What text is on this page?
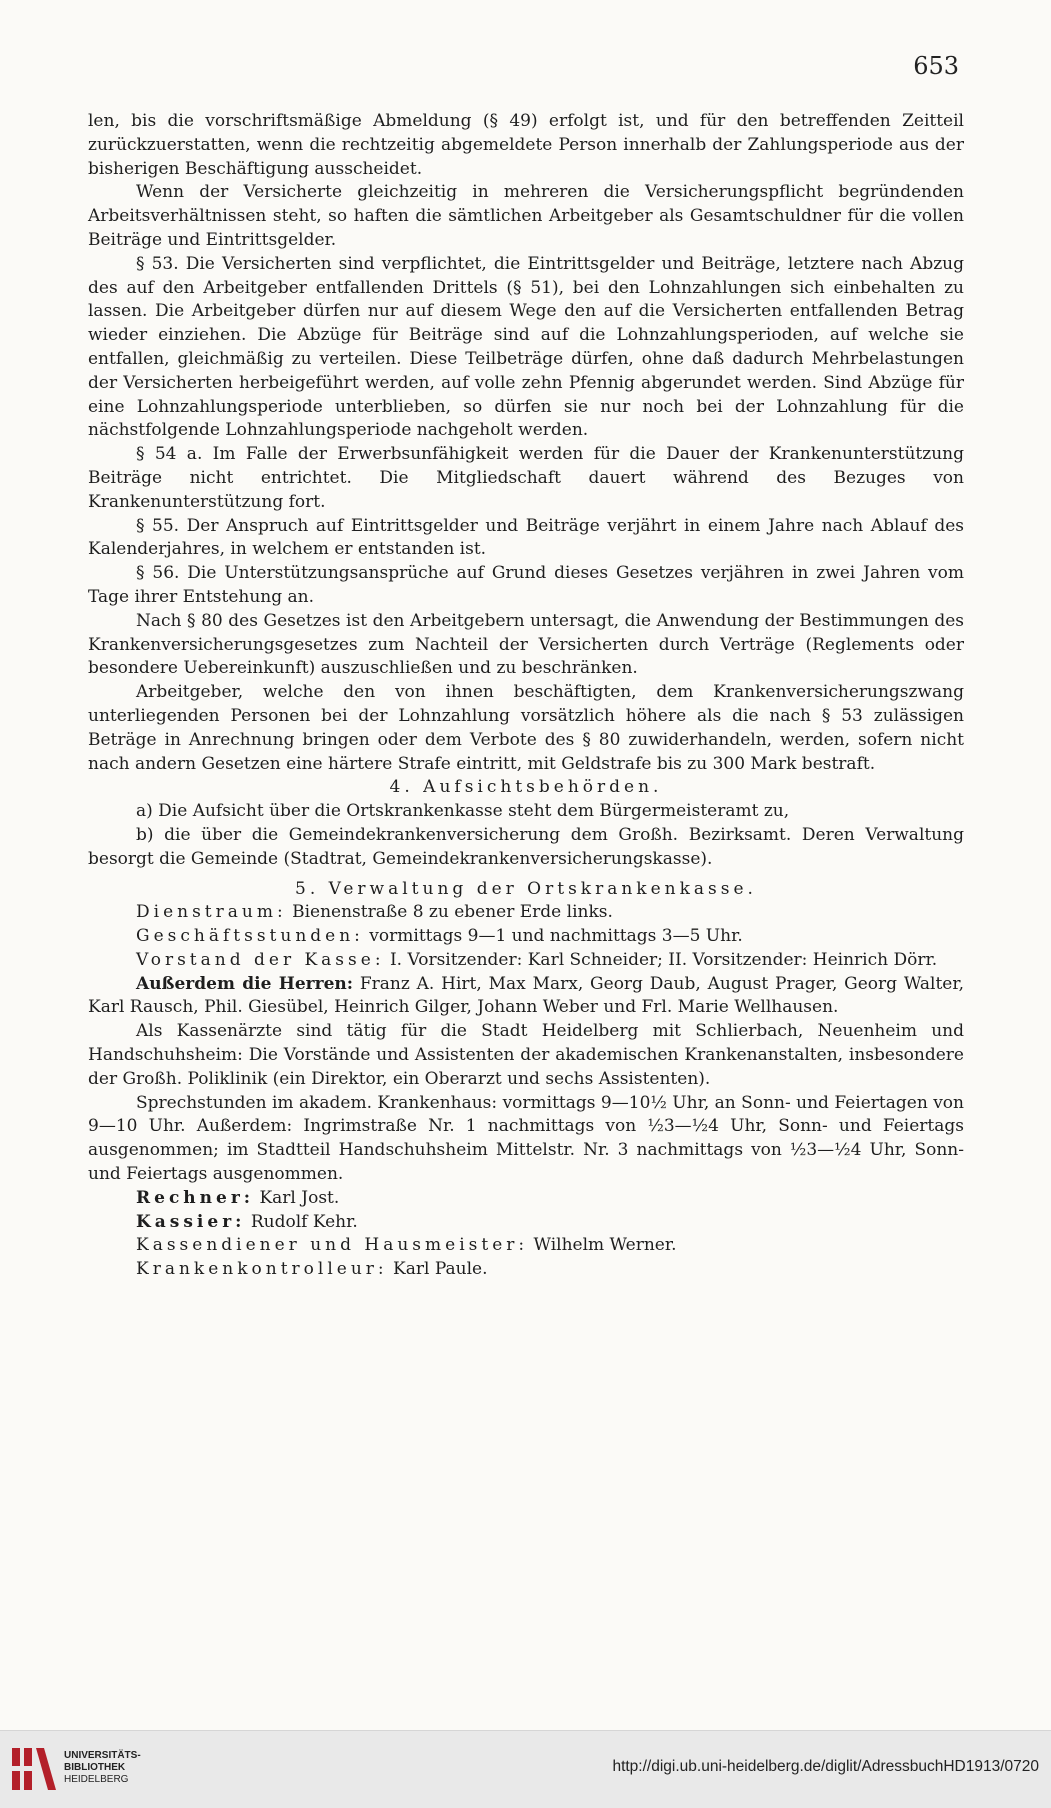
653

len, bis die vorschriftsmäßige Abmeldung (§ 49) erfolgt ist, und für den betreffenden Zeitteil zurückzuerstatten, wenn die rechtzeitig abgemeldete Person innerhalb der Zahlungsperiode aus der bisherigen Beschäftigung ausscheidet.

Wenn der Versicherte gleichzeitig in mehreren die Versicherungspflicht begründenden Arbeitsverhältnissen steht, so haften die sämtlichen Arbeitgeber als Gesamtschuldner für die vollen Beiträge und Eintrittsgelder.

§ 53. Die Versicherten sind verpflichtet, die Eintrittsgelder und Beiträge, letztere nach Abzug des auf den Arbeitgeber entfallenden Drittels (§ 51), bei den Lohnzahlungen sich einbehalten zu lassen. Die Arbeitgeber dürfen nur auf diesem Wege den auf die Versicherten entfallenden Betrag wieder einziehen. Die Abzüge für Beiträge sind auf die Lohnzahlungsperioden, auf welche sie entfallen, gleichmäßig zu verteilen. Diese Teilbeträge dürfen, ohne daß dadurch Mehrbelastungen der Versicherten herbeigeführt werden, auf volle zehn Pfennig abgerundet werden. Sind Abzüge für eine Lohnzahlungsperiode unterblieben, so dürfen sie nur noch bei der Lohnzahlung für die nächstfolgende Lohnzahlungsperiode nachgeholt werden.

§ 54 a. Im Falle der Erwerbsunfähigkeit werden für die Dauer der Krankenunterstützung Beiträge nicht entrichtet. Die Mitgliedschaft dauert während des Bezuges von Krankenunterstützung fort.

§ 55. Der Anspruch auf Eintrittsgelder und Beiträge verjährt in einem Jahre nach Ablauf des Kalenderjahres, in welchem er entstanden ist.

§ 56. Die Unterstützungsansprüche auf Grund dieses Gesetzes verjähren in zwei Jahren vom Tage ihrer Entstehung an.

Nach § 80 des Gesetzes ist den Arbeitgebern untersagt, die Anwendung der Bestimmungen des Krankenversicherungsgesetzes zum Nachteil der Versicherten durch Verträge (Reglements oder besondere Uebereinkunft) auszuschließen und zu beschränken.

Arbeitgeber, welche den von ihnen beschäftigten, dem Krankenversicherungszwang unterliegenden Personen bei der Lohnzahlung vorsätzlich höhere als die nach § 53 zulässigen Beträge in Anrechnung bringen oder dem Verbote des § 80 zuwiderhandeln, werden, sofern nicht nach andern Gesetzen eine härtere Strafe eintritt, mit Geldstrafe bis zu 300 Mark bestraft.

4. Aufsichtsbehörden.

a) Die Aufsicht über die Ortskrankenkasse steht dem Bürgermeisteramt zu,

b) die über die Gemeindekrankenversicherung dem Großh. Bezirksamt. Deren Verwaltung besorgt die Gemeinde (Stadtrat, Gemeindekrankenversicherungskasse).

5. Verwaltung der Ortskrankenkasse.

Dienstraum: Bienenstraße 8 zu ebener Erde links.

Geschäftsstunden: vormittags 9—1 und nachmittags 3—5 Uhr.

Vorstand der Kasse: I. Vorsitzender: Karl Schneider; II. Vorsitzender: Heinrich Dörr.

Außerdem die Herren: Franz A. Hirt, Max Marx, Georg Daub, August Prager, Georg Walter, Karl Rausch, Phil. Giesübel, Heinrich Gilger, Johann Weber und Frl. Marie Wellhausen.

Als Kassenärzte sind tätig für die Stadt Heidelberg mit Schlierbach, Neuenheim und Handschuhsheim: Die Vorstände und Assistenten der akademischen Krankenanstalten, insbesondere der Großh. Poliklinik (ein Direktor, ein Oberarzt und sechs Assistenten).

Sprechstunden im akadem. Krankenhaus: vormittags 9—10½ Uhr, an Sonn- und Feiertagen von 9—10 Uhr. Außerdem: Ingrimstraße Nr. 1 nachmittags von ½3—½4 Uhr, Sonn- und Feiertags ausgenommen; im Stadtteil Handschuhsheim Mittelstr. Nr. 3 nachmittags von ½3—½4 Uhr, Sonn- und Feiertags ausgenommen.

Rechner: Karl Jost.

Kassier: Rudolf Kehr.

Kassendiener und Hausmeister: Wilhelm Werner.

Krankenkontrolleur: Karl Paule.

UNIVERSITÄTS-
BIBLIOTHEK
HEIDELBERG
http://digi.ub.uni-heidelberg.de/diglit/AdressbuchHD1913/0720
